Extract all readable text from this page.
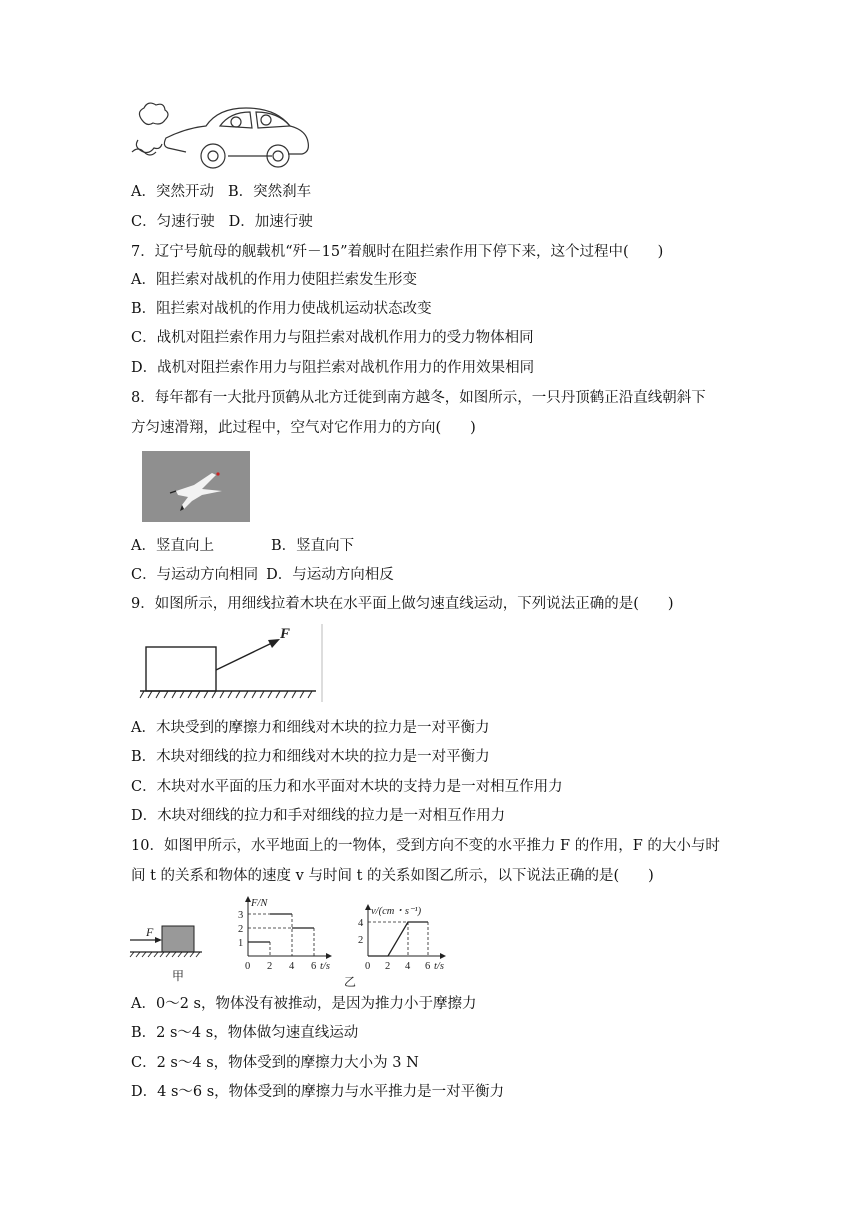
A．突然开动 B．突然刹车
C．匀速行驶 D．加速行驶
7．辽宁号航母的舰载机“歼－15”着舰时在阻拦索作用下停下来，这个过程中(　　)
A．阻拦索对战机的作用力使阻拦索发生形变
B．阻拦索对战机的作用力使战机运动状态改变
C．战机对阻拦索作用力与阻拦索对战机作用力的受力物体相同
D．战机对阻拦索作用力与阻拦索对战机作用力的作用效果相同
8．每年都有一大批丹顶鹤从北方迁徙到南方越冬，如图所示，一只丹顶鹤正沿直线朝斜下
方匀速滑翔，此过程中，空气对它作用力的方向(　　)
A．竖直向上	B．竖直向下
C．与运动方向相同 D．与运动方向相反
9．如图所示，用细线拉着木块在水平面上做匀速直线运动，下列说法正确的是(　　)
F
A．木块受到的摩擦力和细线对木块的拉力是一对平衡力
B．木块对细线的拉力和细线对木块的拉力是一对平衡力
C．木块对水平面的压力和水平面对木块的支持力是一对相互作用力
D．木块对细线的拉力和手对细线的拉力是一对相互作用力
10．如图甲所示，水平地面上的一物体，受到方向不变的水平推力 F 的作用，F 的大小与时
间 t 的关系和物体的速度 v 与时间 t 的关系如图乙所示，以下说法正确的是(　　)
F
甲
F/N
t/s
0 2 4 6
1
2
3	v/(cm・s⁻¹)
t/s
0 2 4 6
2
4
乙
A．0～2 s，物体没有被推动，是因为推力小于摩擦力
B．2 s～4 s，物体做匀速直线运动
C．2 s～4 s，物体受到的摩擦力大小为 3 N
D．4 s～6 s，物体受到的摩擦力与水平推力是一对平衡力
